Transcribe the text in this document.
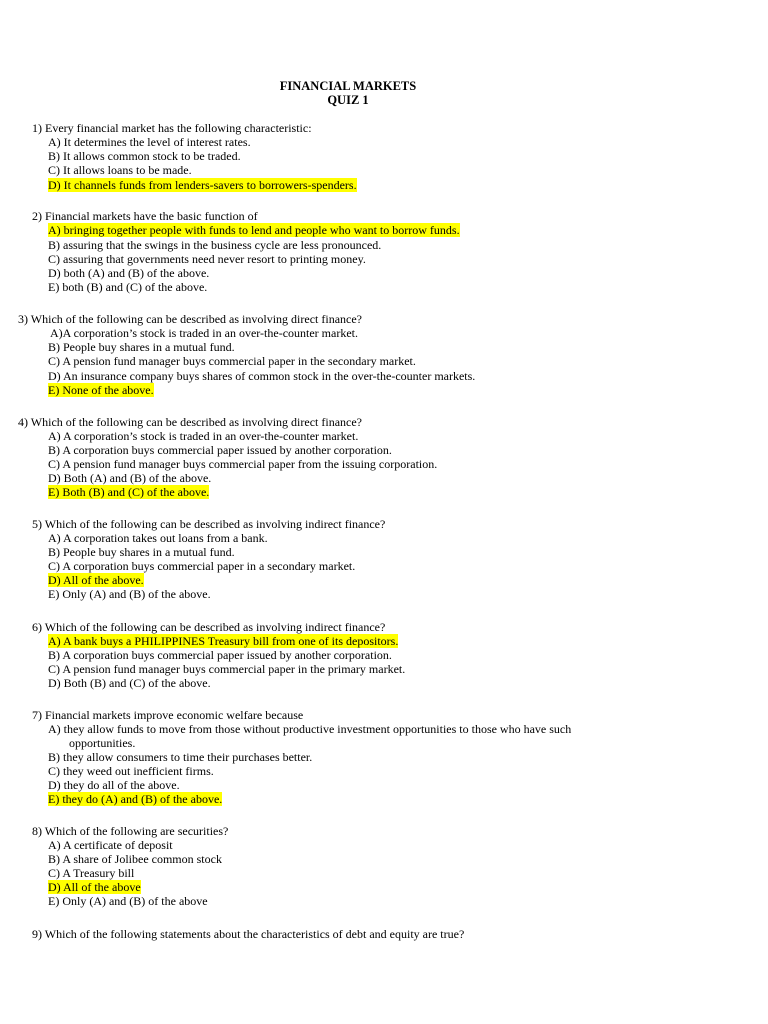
FINANCIAL MARKETS
QUIZ 1
1) Every financial market has the following characteristic:
A) It determines the level of interest rates.
B) It allows common stock to be traded.
C) It allows loans to be made.
D) It channels funds from lenders-savers to borrowers-spenders.
2) Financial markets have the basic function of
A) bringing together people with funds to lend and people who want to borrow funds.
B) assuring that the swings in the business cycle are less pronounced.
C) assuring that governments need never resort to printing money.
D) both (A) and (B) of the above.
E) both (B) and (C) of the above.
3) Which of the following can be described as involving direct finance?
A)A corporation’s stock is traded in an over-the-counter market.
B) People buy shares in a mutual fund.
C) A pension fund manager buys commercial paper in the secondary market.
D) An insurance company buys shares of common stock in the over-the-counter markets.
E) None of the above.
4) Which of the following can be described as involving direct finance?
A) A corporation’s stock is traded in an over-the-counter market.
B) A corporation buys commercial paper issued by another corporation.
C) A pension fund manager buys commercial paper from the issuing corporation.
D) Both (A) and (B) of the above.
E) Both (B) and (C) of the above.
5) Which of the following can be described as involving indirect finance?
A) A corporation takes out loans from a bank.
B) People buy shares in a mutual fund.
C) A corporation buys commercial paper in a secondary market.
D) All of the above.
E) Only (A) and (B) of the above.
6) Which of the following can be described as involving indirect finance?
A) A bank buys a PHILIPPINES Treasury bill from one of its depositors.
B) A corporation buys commercial paper issued by another corporation.
C) A pension fund manager buys commercial paper in the primary market.
D) Both (B) and (C) of the above.
7) Financial markets improve economic welfare because
A) they allow funds to move from those without productive investment opportunities to those who have such
opportunities.
B) they allow consumers to time their purchases better.
C) they weed out inefficient firms.
D) they do all of the above.
E) they do (A) and (B) of the above.
8) Which of the following are securities?
A) A certificate of deposit
B) A share of Jolibee common stock
C) A Treasury bill
D) All of the above
E) Only (A) and (B) of the above
9) Which of the following statements about the characteristics of debt and equity are true?
